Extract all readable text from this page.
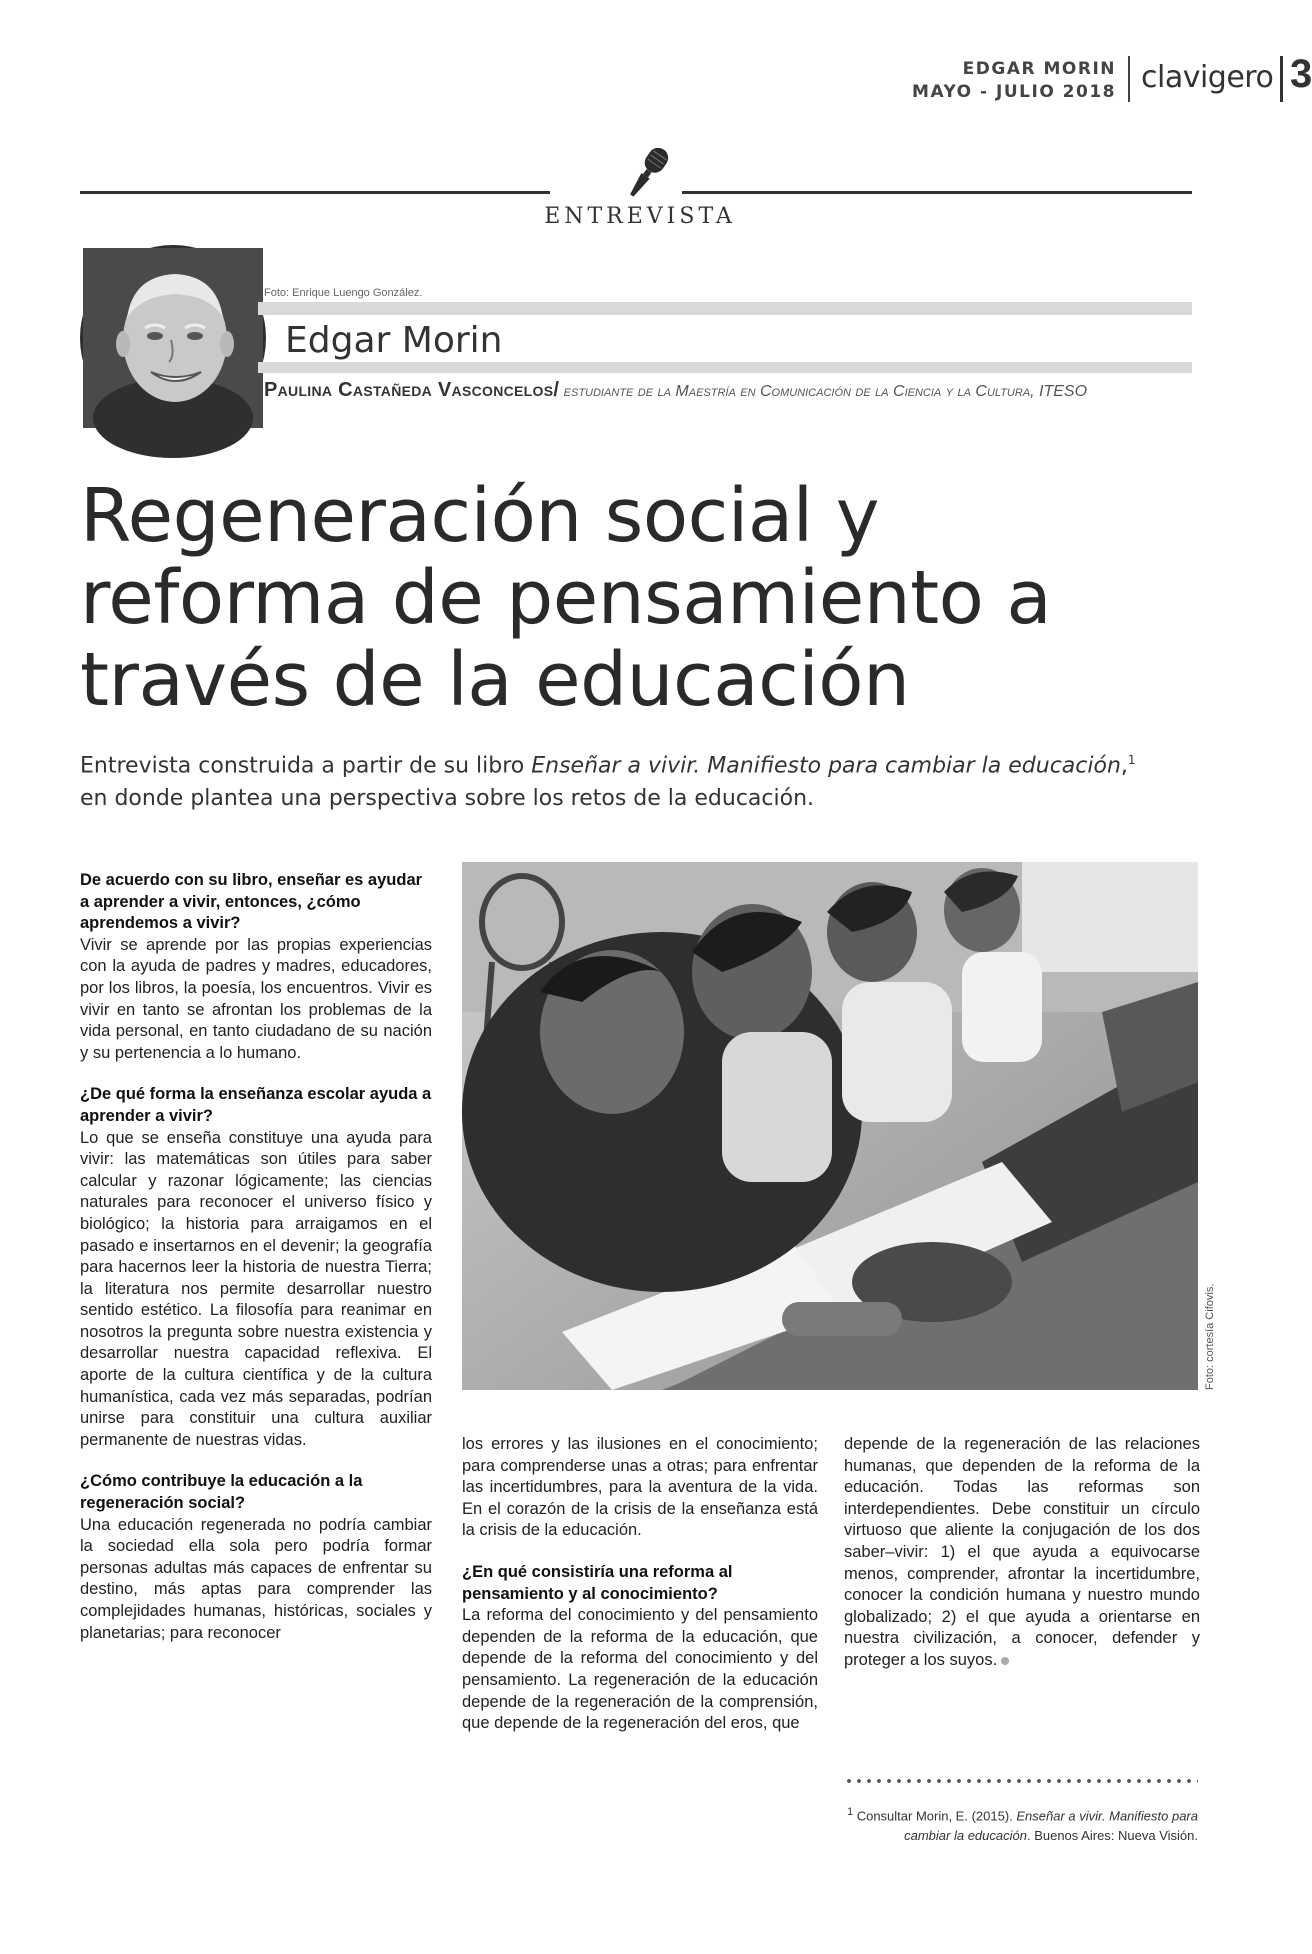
EDGAR MORIN
MAYO - JULIO 2018 clavigero 3
ENTREVISTA
Foto: Enrique Luengo González.
Edgar Morin
Paulina Castañeda Vasconcelos/ estudiante de la Maestría en Comunicación de la Ciencia y la Cultura, ITESO
Regeneración social y
reforma de pensamiento a
través de la educación

Entrevista construida a partir de su libro Enseñar a vivir. Manifiesto para cambiar la educación,$^1$
en donde plantea una perspectiva sobre los retos de la educación.

De acuerdo con su libro, enseñar es ayudar a aprender a vivir, entonces, ¿cómo aprendemos a vivir?

Vivir se aprende por las propias experiencias con la ayuda de padres y madres, educadores, por los libros, la poesía, los encuentros. Vivir es vivir en tanto se afrontan los problemas de la vida personal, en tanto ciudadano de su nación y su pertenencia a lo humano.

¿De qué forma la enseñanza escolar ayuda a aprender a vivir?

Lo que se enseña constituye una ayuda para vivir: las matemáticas son útiles para saber calcular y razonar lógicamente; las ciencias naturales para reconocer el universo físico y biológico; la historia para arraigamos en el pasado e insertarnos en el devenir; la geografía para hacernos leer la historia de nuestra Tierra; la literatura nos permite desarrollar nuestro sentido estético. La filosofía para reanimar en nosotros la pregunta sobre nuestra existencia y desarrollar nuestra capacidad reflexiva. El aporte de la cultura científica y de la cultura humanística, cada vez más separadas, podrían unirse para constituir una cultura auxiliar permanente de nuestras vidas.

¿Cómo contribuye la educación a la regeneración social?

Una educación regenerada no podría cambiar la sociedad ella sola pero podría formar personas adultas más capaces de enfrentar su destino, más aptas para comprender las complejidades humanas, históricas, sociales y planetarias; para reconocer

Foto: cortesía Cifovis.

los errores y las ilusiones en el conocimiento; para comprenderse unas a otras; para enfrentar las incertidumbres, para la aventura de la vida. En el corazón de la crisis de la enseñanza está la crisis de la educación.

¿En qué consistiría una reforma al pensamiento y al conocimiento?

La reforma del conocimiento y del pensamiento dependen de la reforma de la educación, que depende de la reforma del conocimiento y del pensamiento. La regeneración de la educación depende de la regeneración de la comprensión, que depende de la regeneración del eros, que

depende de la regeneración de las relaciones humanas, que dependen de la reforma de la educación. Todas las reformas son interdependientes. Debe constituir un círculo virtuoso que aliente la conjugación de los dos saber–vivir: 1) el que ayuda a equivocarse menos, comprender, afrontar la incertidumbre, conocer la condición humana y nuestro mundo globalizado; 2) el que ayuda a orientarse en nuestra civilización, a conocer, defender y proteger a los suyos.

$^1$ Consultar Morin, E. (2015). Enseñar a vivir. Manifiesto para cambiar la educación. Buenos Aires: Nueva Visión.
